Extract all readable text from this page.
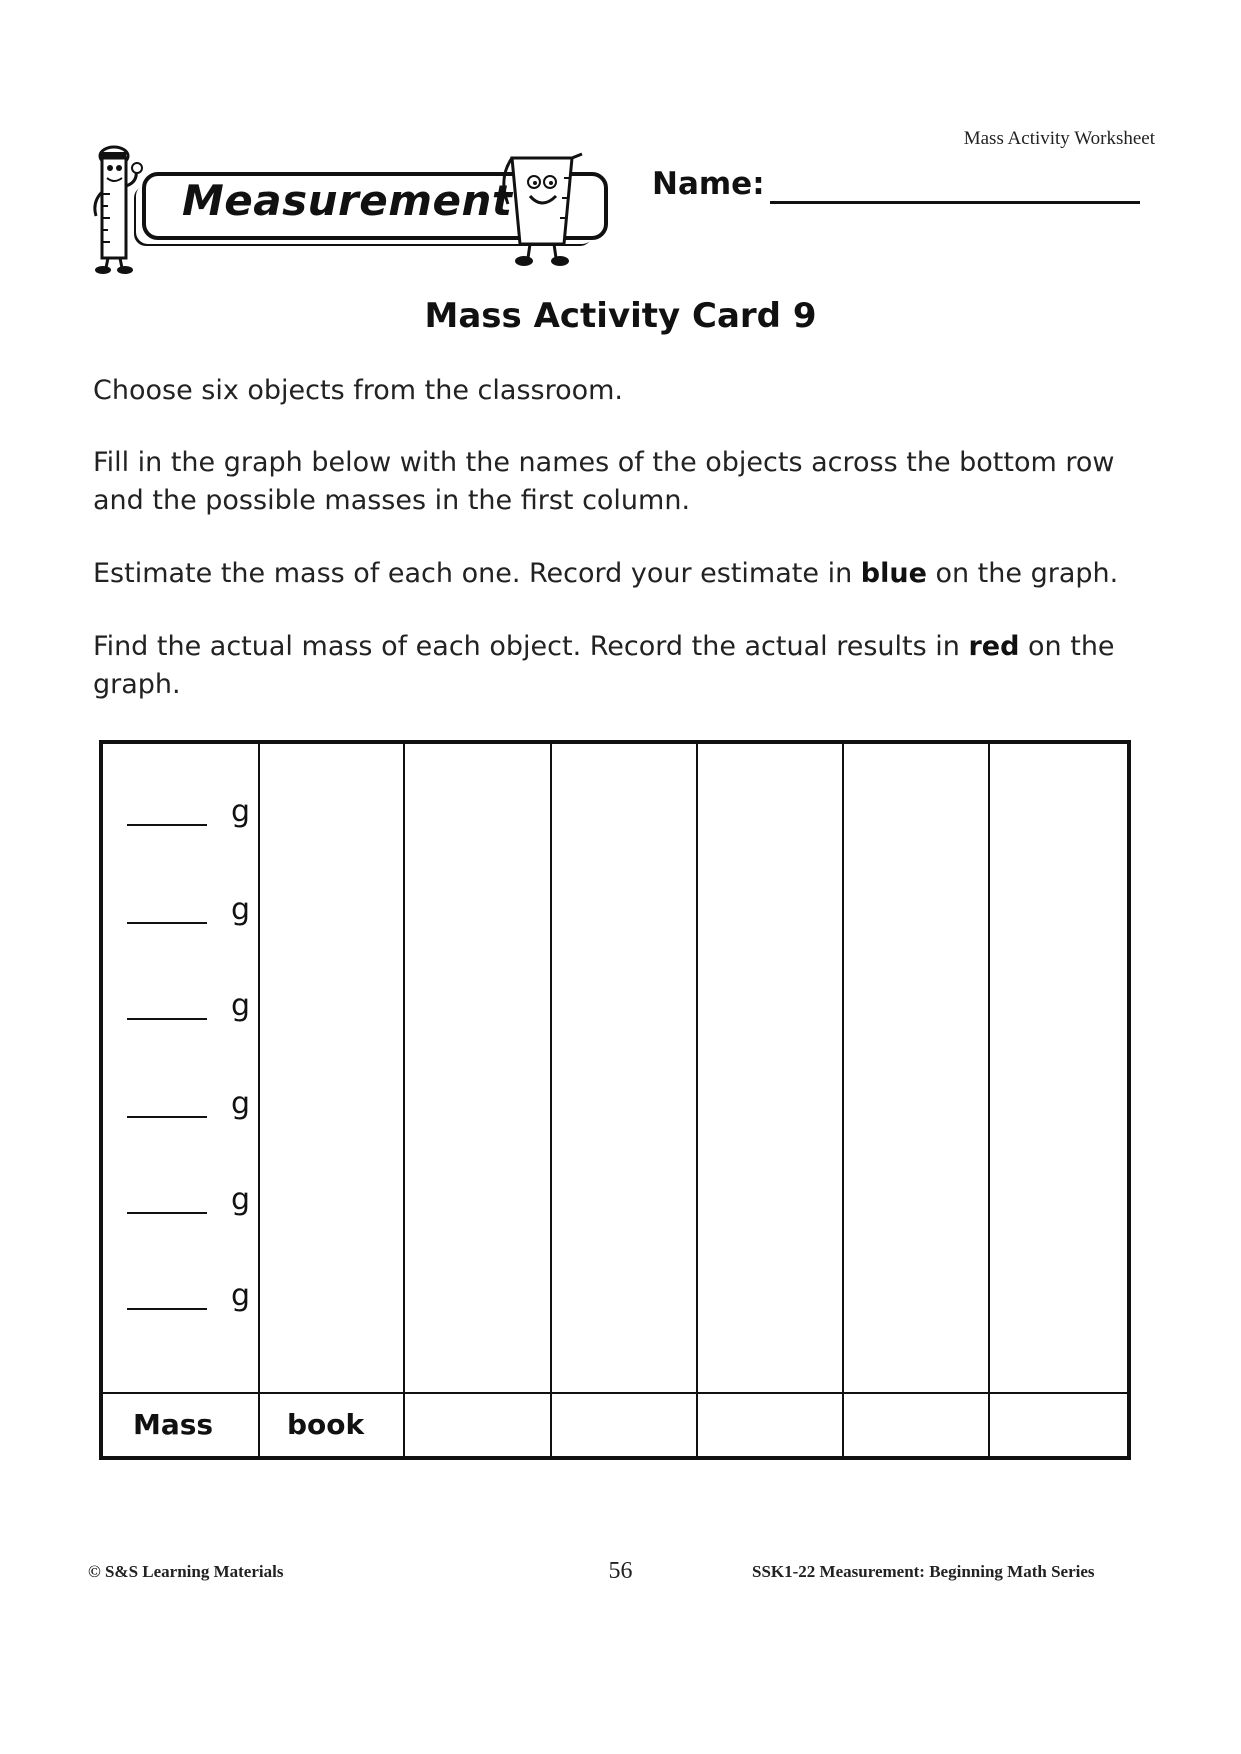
Mass Activity Worksheet
Measurement	Name:
Mass Activity Card 9
Choose six objects from the classroom.
Fill in the graph below with the names of the objects across the bottom row and the possible masses in the first column.
Estimate the mass of each one. Record your estimate in blue on the graph.
Find the actual mass of each object. Record the actual results in red on the graph.
g
g
g
g
g
g
Mass	book
© S&S Learning Materials	56	SSK1-22 Measurement: Beginning Math Series
